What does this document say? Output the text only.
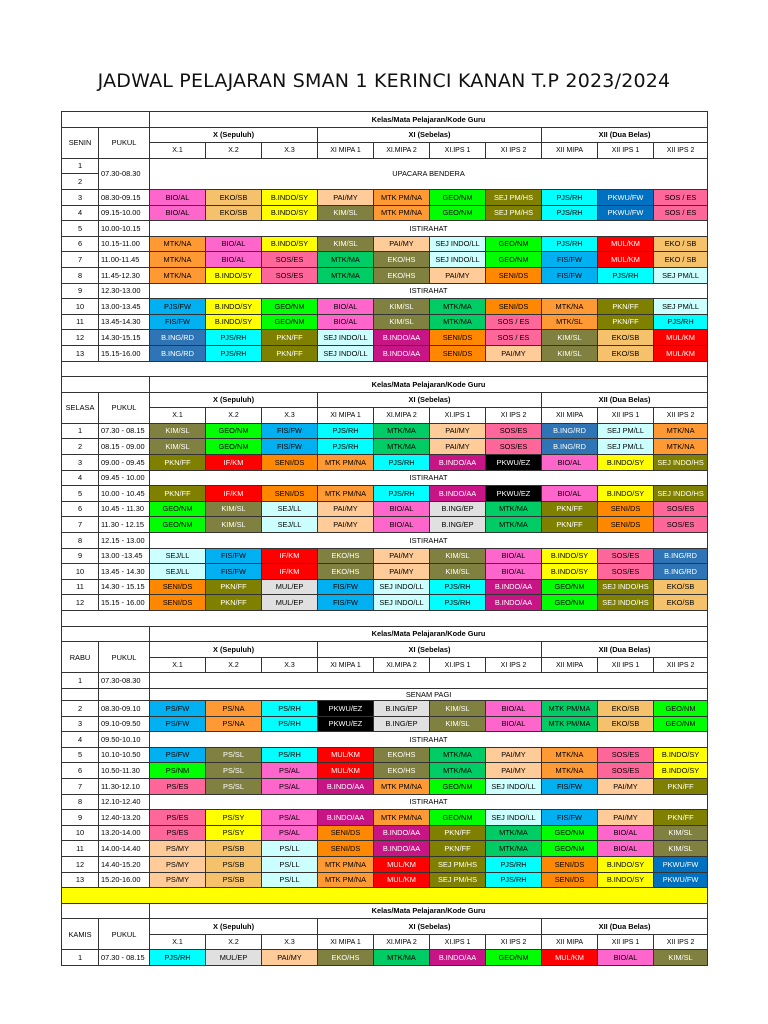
JADWAL PELAJARAN SMAN 1 KERINCI KANAN T.P 2023/2024
		Kelas/Mata Pelajaran/Kode Guru									
SENIN	PUKUL	X (Sepuluh)			XI (Sebelas)				XII (Dua Belas)		
		X.1	X.2	X.3	XI MIPA 1	XI.MIPA 2	XI.IPS 1	XI IPS 2	XII MIPA	XII IPS 1	XII IPS 2
1	07.30-08.30	UPACARA BENDERA									
2											
3	08.30-09.15	BIO/AL	EKO/SB	B.INDO/SY	PAI/MY	MTK PM/NA	GEO/NM	SEJ PM/HS	PJS/RH	PKWU/FW	SOS / ES
4	09.15-10.00	BIO/AL	EKO/SB	B.INDO/SY	KIM/SL	MTK PM/NA	GEO/NM	SEJ PM/HS	PJS/RH	PKWU/FW	SOS / ES
5	10.00-10.15	ISTIRAHAT									
6	10.15-11.00	MTK/NA	BIO/AL	B.INDO/SY	KIM/SL	PAI/MY	SEJ INDO/LL	GEO/NM	PJS/RH	MUL/KM	EKO / SB
7	11.00-11.45	MTK/NA	BIO/AL	SOS/ES	MTK/MA	EKO/HS	SEJ INDO/LL	GEO/NM	FIS/FW	MUL/KM	EKO / SB
8	11.45-12.30	MTK/NA	B.INDO/SY	SOS/ES	MTK/MA	EKO/HS	PAI/MY	SENI/DS	FIS/FW	PJS/RH	SEJ PM/LL
9	12.30-13.00	ISTIRAHAT									
10	13.00-13.45	PJS/FW	B.INDO/SY	GEO/NM	BIO/AL	KIM/SL	MTK/MA	SENI/DS	MTK/NA	PKN/FF	SEJ PM/LL
11	13.45-14.30	FIS/FW	B.INDO/SY	GEO/NM	BIO/AL	KIM/SL	MTK/MA	SOS / ES	MTK/SL	PKN/FF	PJS/RH
12	14.30-15.15	B.ING/RD	PJS/RH	PKN/FF	SEJ INDO/LL	B.INDO/AA	SENI/DS	SOS / ES	KIM/SL	EKO/SB	MUL/KM
13	15.15-16.00	B.ING/RD	PJS/RH	PKN/FF	SEJ INDO/LL	B.INDO/AA	SENI/DS	PAI/MY	KIM/SL	EKO/SB	MUL/KM

		Kelas/Mata Pelajaran/Kode Guru									
SELASA	PUKUL	X (Sepuluh)			XI (Sebelas)				XII (Dua Belas)		
		X.1	X.2	X.3	XI MIPA 1	XI.MIPA 2	XI.IPS 1	XI IPS 2	XII MIPA	XII IPS 1	XII IPS 2
1	07.30 - 08.15	KIM/SL	GEO/NM	FIS/FW	PJS/RH	MTK/MA	PAI/MY	SOS/ES	B.ING/RD	SEJ PM/LL	MTK/NA
2	08.15 - 09.00	KIM/SL	GEO/NM	FIS/FW	PJS/RH	MTK/MA	PAI/MY	SOS/ES	B.ING/RD	SEJ PM/LL	MTK/NA
3	09.00 - 09.45	PKN/FF	IF/KM	SENI/DS	MTK PM/NA	PJS/RH	B.INDO/AA	PKWU/EZ	BIO/AL	B.INDO/SY	SEJ INDO/HS
4	09.45 - 10.00	ISTIRAHAT									
5	10.00 - 10.45	PKN/FF	IF/KM	SENI/DS	MTK PM/NA	PJS/RH	B.INDO/AA	PKWU/EZ	BIO/AL	B.INDO/SY	SEJ INDO/HS
6	10.45 - 11.30	GEO/NM	KIM/SL	SEJ/LL	PAI/MY	BIO/AL	B.ING/EP	MTK/MA	PKN/FF	SENI/DS	SOS/ES
7	11.30 - 12.15	GEO/NM	KIM/SL	SEJ/LL	PAI/MY	BIO/AL	B.ING/EP	MTK/MA	PKN/FF	SENI/DS	SOS/ES
8	12.15 - 13.00	ISTIRAHAT									
9	13.00 -13.45	SEJ/LL	FIS/FW	IF/KM	EKO/HS	PAI/MY	KIM/SL	BIO/AL	B.INDO/SY	SOS/ES	B.ING/RD
10	13.45 - 14.30	SEJ/LL	FIS/FW	IF/KM	EKO/HS	PAI/MY	KIM/SL	BIO/AL	B.INDO/SY	SOS/ES	B.ING/RD
11	14.30 - 15.15	SENI/DS	PKN/FF	MUL/EP	FIS/FW	SEJ INDO/LL	PJS/RH	B.INDO/AA	GEO/NM	SEJ INDO/HS	EKO/SB
12	15.15 - 16.00	SENI/DS	PKN/FF	MUL/EP	FIS/FW	SEJ INDO/LL	PJS/RH	B.INDO/AA	GEO/NM	SEJ INDO/HS	EKO/SB

		Kelas/Mata Pelajaran/Kode Guru									
RABU	PUKUL	X (Sepuluh)			XI (Sebelas)				XII (Dua Belas)		
		X.1	X.2	X.3	XI MIPA 1	XI.MIPA 2	XI.IPS 1	XI IPS 2	XII MIPA	XII IPS 1	XII IPS 2
1	07.30-08.30										
		SENAM PAGI									
2	08.30-09.10	PS/FW	PS/NA	PS/RH	PKWU/EZ	B.ING/EP	KIM/SL	BIO/AL	MTK PM/MA	EKO/SB	GEO/NM
3	09.10-09.50	PS/FW	PS/NA	PS/RH	PKWU/EZ	B.ING/EP	KIM/SL	BIO/AL	MTK PM/MA	EKO/SB	GEO/NM
4	09.50-10.10	ISTIRAHAT									
5	10.10-10.50	PS/FW	PS/SL	PS/RH	MUL/KM	EKO/HS	MTK/MA	PAI/MY	MTK/NA	SOS/ES	B.INDO/SY
6	10.50-11.30	PS/NM	PS/SL	PS/AL	MUL/KM	EKO/HS	MTK/MA	PAI/MY	MTK/NA	SOS/ES	B.INDO/SY
7	11.30-12.10	PS/ES	PS/SL	PS/AL	B.INDO/AA	MTK PM/NA	GEO/NM	SEJ INDO/LL	FIS/FW	PAI/MY	PKN/FF
8	12.10-12.40	ISTIRAHAT									
9	12.40-13.20	PS/ES	PS/SY	PS/AL	B.INDO/AA	MTK PM/NA	GEO/NM	SEJ INDO/LL	FIS/FW	PAI/MY	PKN/FF
10	13.20-14.00	PS/ES	PS/SY	PS/AL	SENI/DS	B.INDO/AA	PKN/FF	MTK/MA	GEO/NM	BIO/AL	KIM/SL
11	14.00-14.40	PS/MY	PS/SB	PS/LL	SENI/DS	B.INDO/AA	PKN/FF	MTK/MA	GEO/NM	BIO/AL	KIM/SL
12	14.40-15.20	PS/MY	PS/SB	PS/LL	MTK PM/NA	MUL/KM	SEJ PM/HS	PJS/RH	SENI/DS	B.INDO/SY	PKWU/FW
13	15.20-16.00	PS/MY	PS/SB	PS/LL	MTK PM/NA	MUL/KM	SEJ PM/HS	PJS/RH	SENI/DS	B.INDO/SY	PKWU/FW

		Kelas/Mata Pelajaran/Kode Guru									
KAMIS	PUKUL	X (Sepuluh)			XI (Sebelas)				XII (Dua Belas)		
		X.1	X.2	X.3	XI MIPA 1	XI.MIPA 2	XI.IPS 1	XI IPS 2	XII MIPA	XII IPS 1	XII IPS 2
1	07.30 - 08.15	PJS/RH	MUL/EP	PAI/MY	EKO/HS	MTK/MA	B.INDO/AA	GEO/NM	MUL/KM	BIO/AL	KIM/SL
